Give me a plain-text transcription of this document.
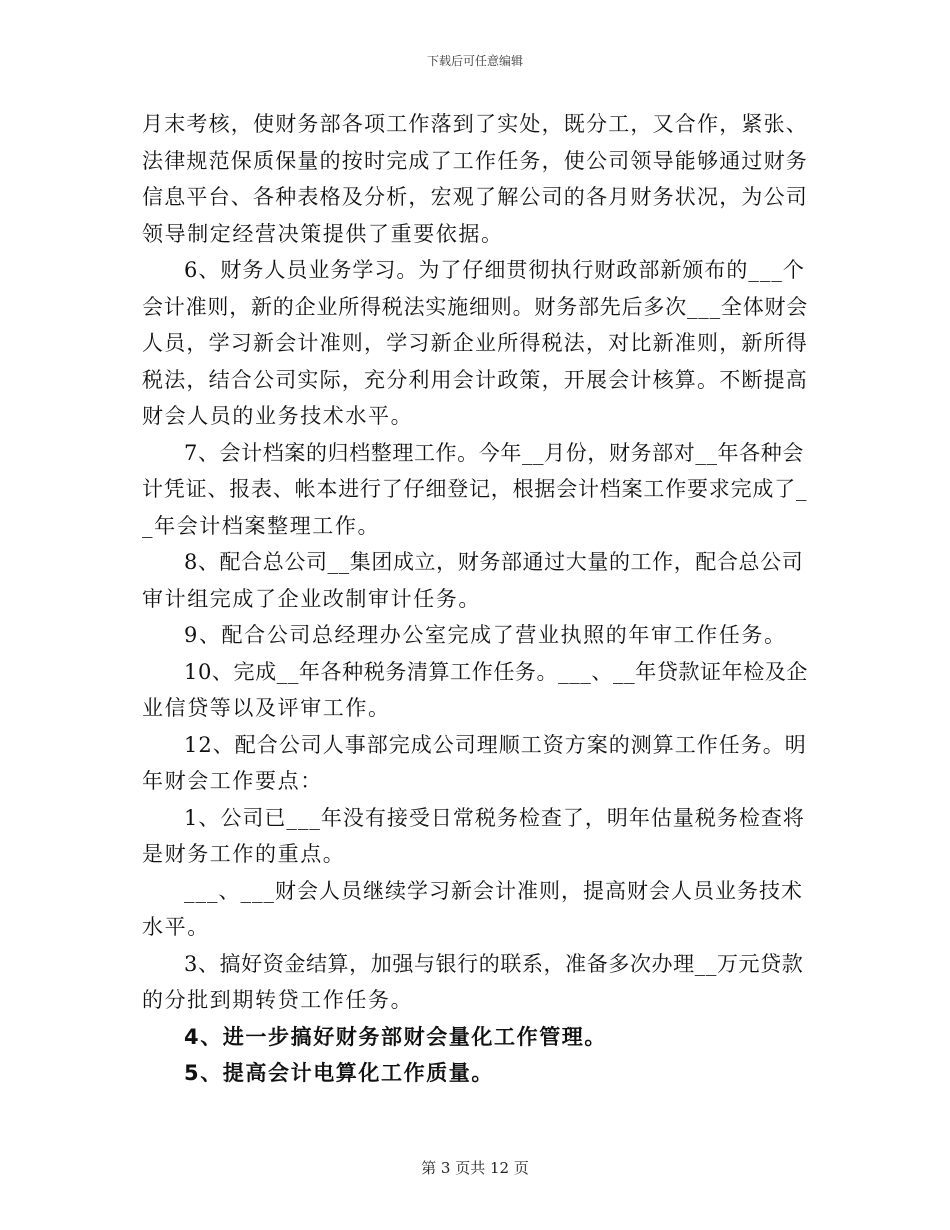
下载后可任意编辑
月末考核，使财务部各项工作落到了实处，既分工，又合作，紧张、
法律规范保质保量的按时完成了工作任务，使公司领导能够通过财务
信息平台、各种表格及分析，宏观了解公司的各月财务状况，为公司
领导制定经营决策提供了重要依据。
6、财务人员业务学习。为了仔细贯彻执行财政部新颁布的___个
会计准则，新的企业所得税法实施细则。财务部先后多次___全体财会
人员，学习新会计准则，学习新企业所得税法，对比新准则，新所得
税法，结合公司实际，充分利用会计政策，开展会计核算。不断提高
财会人员的业务技术水平。
7、会计档案的归档整理工作。今年__月份，财务部对__年各种会
计凭证、报表、帐本进行了仔细登记，根据会计档案工作要求完成了_
_年会计档案整理工作。
8、配合总公司__集团成立，财务部通过大量的工作，配合总公司
审计组完成了企业改制审计任务。
9、配合公司总经理办公室完成了营业执照的年审工作任务。
10、完成__年各种税务清算工作任务。___、__年贷款证年检及企
业信贷等以及评审工作。
12、配合公司人事部完成公司理顺工资方案的测算工作任务。明
年财会工作要点：
1、公司已___年没有接受日常税务检查了，明年估量税务检查将
是财务工作的重点。
___、___财会人员继续学习新会计准则，提高财会人员业务技术
水平。
3、搞好资金结算，加强与银行的联系，准备多次办理__万元贷款
的分批到期转贷工作任务。
4、进一步搞好财务部财会量化工作管理。
5、提高会计电算化工作质量。
第 3 页共 12 页
